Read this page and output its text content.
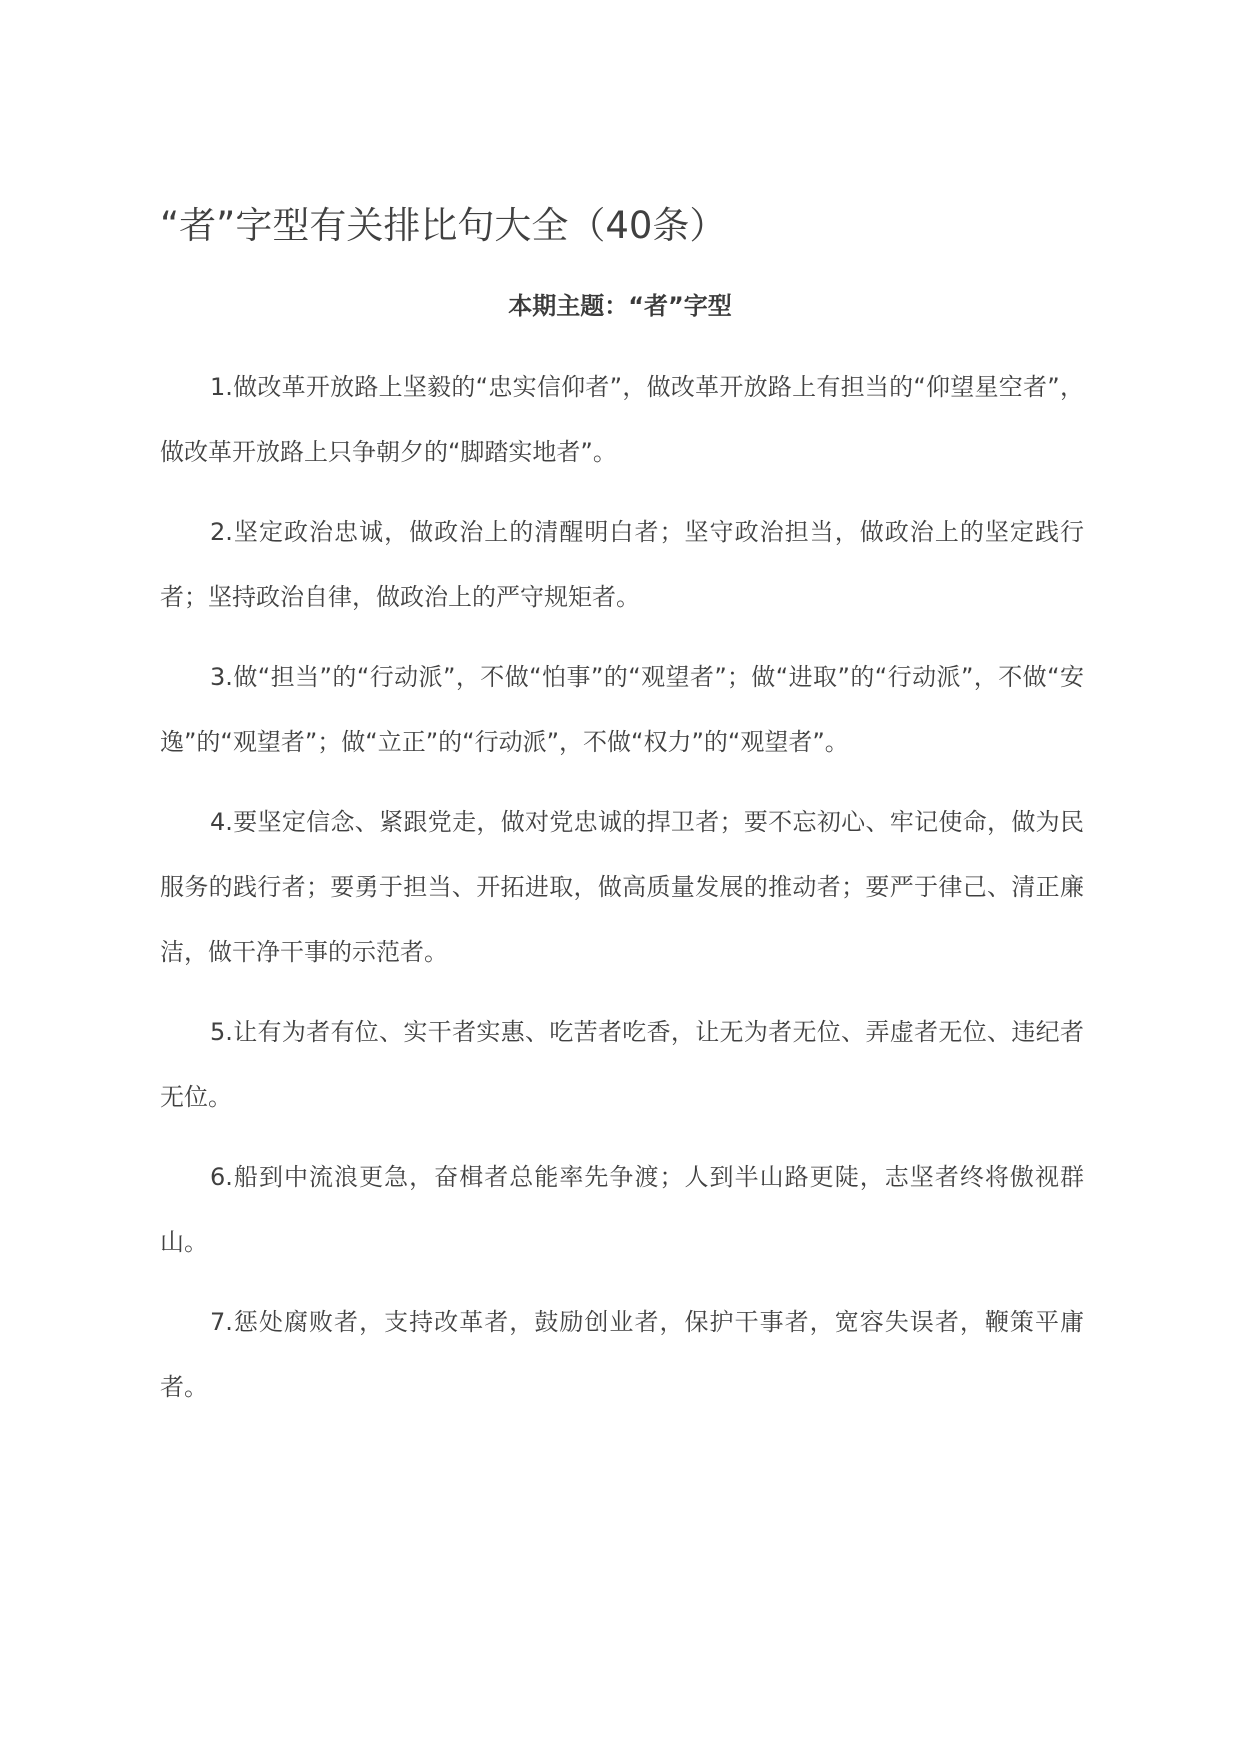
“者”字型有关排比句大全（40条）
本期主题：“者”字型

1.做改革开放路上坚毅的“忠实信仰者”，做改革开放路上有担当的“仰望星空者”，做改革开放路上只争朝夕的“脚踏实地者”。

2.坚定政治忠诚，做政治上的清醒明白者；坚守政治担当，做政治上的坚定践行者；坚持政治自律，做政治上的严守规矩者。

3.做“担当”的“行动派”，不做“怕事”的“观望者”；做“进取”的“行动派”，不做“安逸”的“观望者”；做“立正”的“行动派”，不做“权力”的“观望者”。

4.要坚定信念、紧跟党走，做对党忠诚的捍卫者；要不忘初心、牢记使命，做为民服务的践行者；要勇于担当、开拓进取，做高质量发展的推动者；要严于律己、清正廉洁，做干净干事的示范者。

5.让有为者有位、实干者实惠、吃苦者吃香，让无为者无位、弄虚者无位、违纪者无位。

6.船到中流浪更急，奋楫者总能率先争渡；人到半山路更陡，志坚者终将傲视群山。

7.惩处腐败者，支持改革者，鼓励创业者，保护干事者，宽容失误者，鞭策平庸者。
